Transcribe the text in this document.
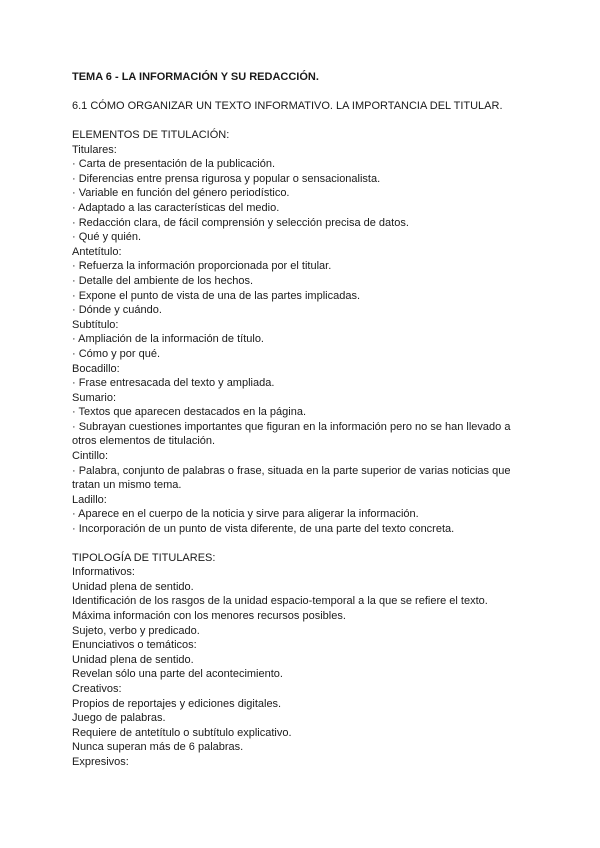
TEMA 6 - LA INFORMACIÓN Y SU REDACCIÓN.

6.1 CÓMO ORGANIZAR UN TEXTO INFORMATIVO. LA IMPORTANCIA DEL TITULAR.

ELEMENTOS DE TITULACIÓN:

Titulares:

· Carta de presentación de la publicación.

· Diferencias entre prensa rigurosa y popular o sensacionalista.

· Variable en función del género periodístico.

· Adaptado a las características del medio.

· Redacción clara, de fácil comprensión y selección precisa de datos.

· Qué y quién.

Antetítulo:

· Refuerza la información proporcionada por el titular.

· Detalle del ambiente de los hechos.

· Expone el punto de vista de una de las partes implicadas.

· Dónde y cuándo.

Subtítulo:

· Ampliación de la información de título.

· Cómo y por qué.

Bocadillo:

· Frase entresacada del texto y ampliada.

Sumario:

· Textos que aparecen destacados en la página.

· Subrayan cuestiones importantes que figuran en la información pero no se han llevado a otros elementos de titulación.

Cintillo:

· Palabra, conjunto de palabras o frase, situada en la parte superior de varias noticias que tratan un mismo tema.

Ladillo:

· Aparece en el cuerpo de la noticia y sirve para aligerar la información.

· Incorporación de un punto de vista diferente, de una parte del texto concreta.

TIPOLOGÍA DE TITULARES:

Informativos:

Unidad plena de sentido.

Identificación de los rasgos de la unidad espacio-temporal a la que se refiere el texto.

Máxima información con los menores recursos posibles.

Sujeto, verbo y predicado.

Enunciativos o temáticos:

Unidad plena de sentido.

Revelan sólo una parte del acontecimiento.

Creativos:

Propios de reportajes y ediciones digitales.

Juego de palabras.

Requiere de antetítulo o subtítulo explicativo.

Nunca superan más de 6 palabras.

Expresivos:
